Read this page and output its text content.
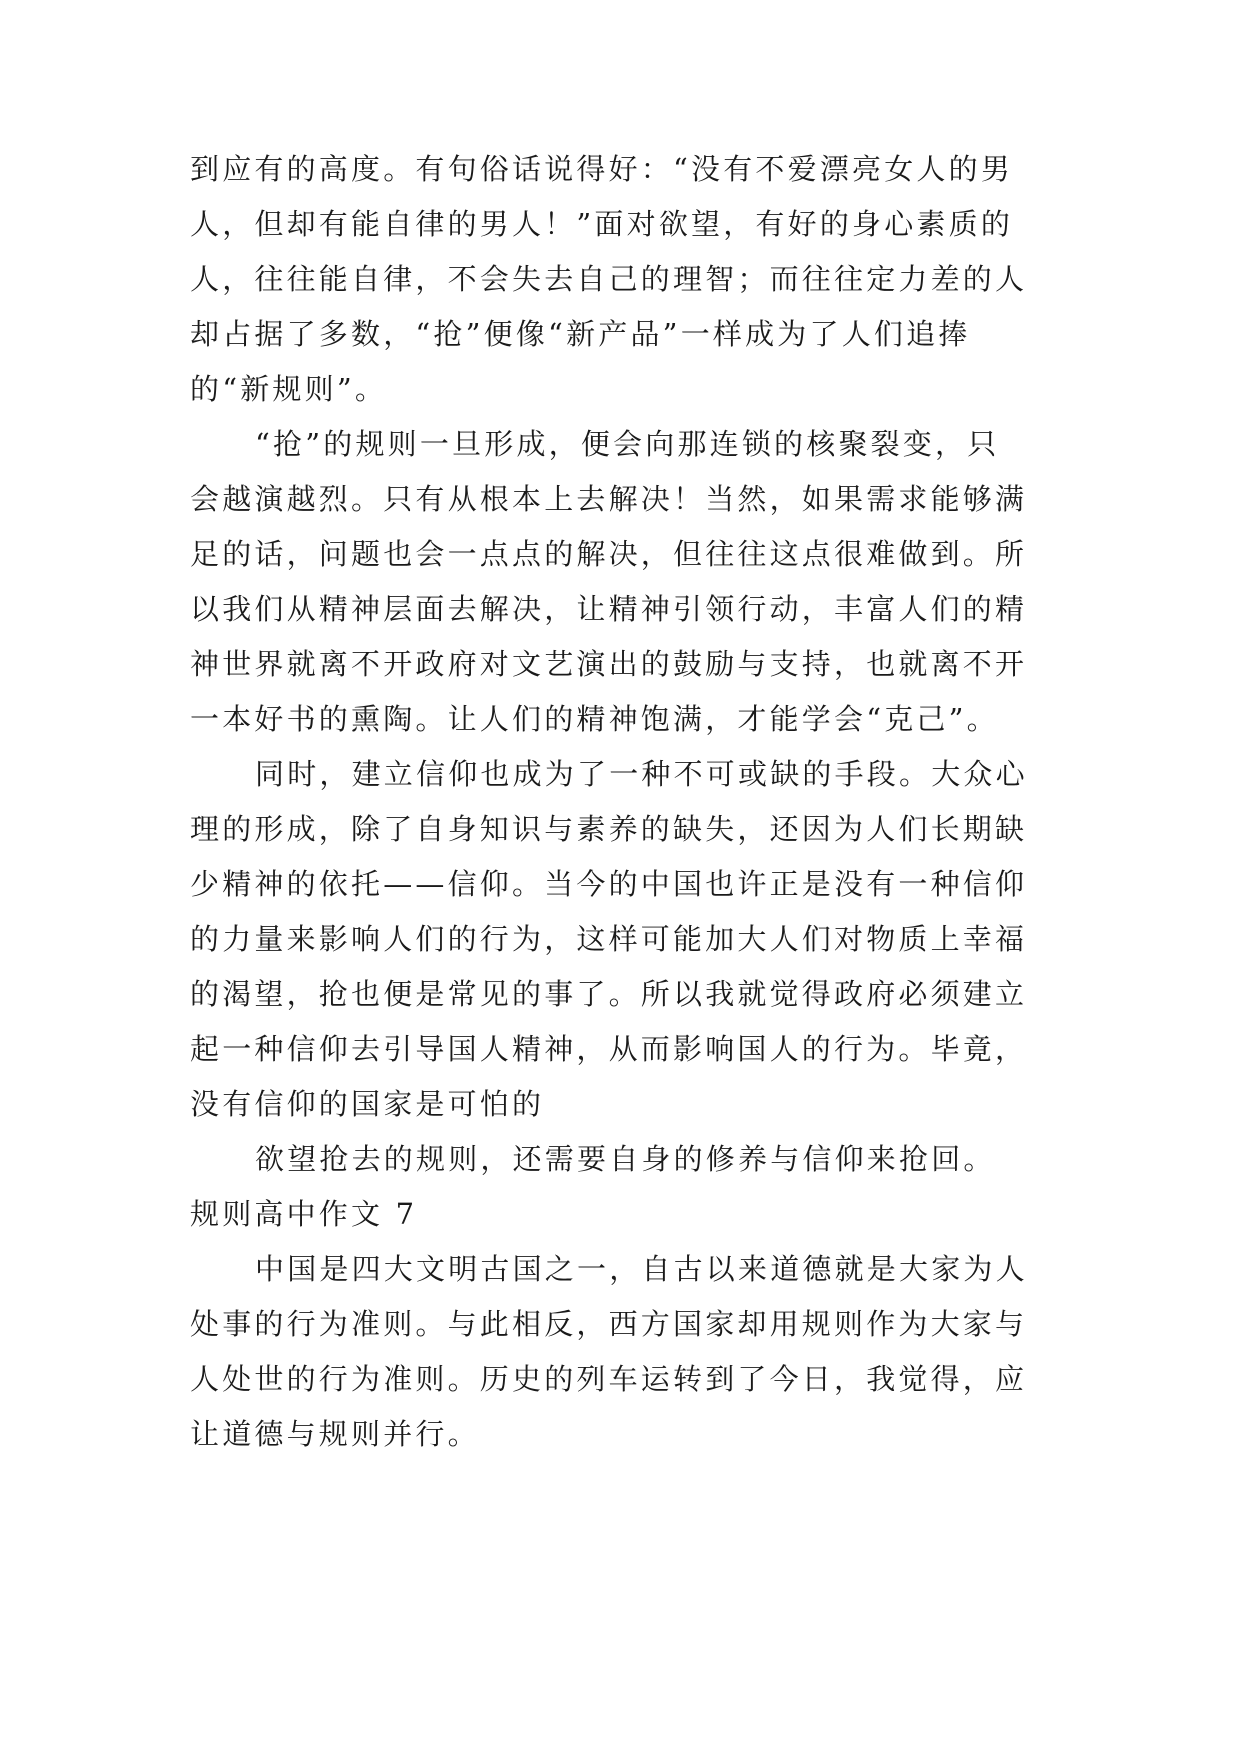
到应有的高度。有句俗话说得好：“没有不爱漂亮女人的男
人，但却有能自律的男人！”面对欲望，有好的身心素质的
人，往往能自律，不会失去自己的理智；而往往定力差的人
却占据了多数，“抢”便像“新产品”一样成为了人们追捧
的“新规则”。
“抢”的规则一旦形成，便会向那连锁的核聚裂变，只
会越演越烈。只有从根本上去解决！当然，如果需求能够满
足的话，问题也会一点点的解决，但往往这点很难做到。所
以我们从精神层面去解决，让精神引领行动，丰富人们的精
神世界就离不开政府对文艺演出的鼓励与支持，也就离不开
一本好书的熏陶。让人们的精神饱满，才能学会“克己”。
同时，建立信仰也成为了一种不可或缺的手段。大众心
理的形成，除了自身知识与素养的缺失，还因为人们长期缺
少精神的依托——信仰。当今的中国也许正是没有一种信仰
的力量来影响人们的行为，这样可能加大人们对物质上幸福
的渴望，抢也便是常见的事了。所以我就觉得政府必须建立
起一种信仰去引导国人精神，从而影响国人的行为。毕竟，
没有信仰的国家是可怕的
欲望抢去的规则，还需要自身的修养与信仰来抢回。
规则高中作文 7
中国是四大文明古国之一，自古以来道德就是大家为人
处事的行为准则。与此相反，西方国家却用规则作为大家与
人处世的行为准则。历史的列车运转到了今日，我觉得，应
让道德与规则并行。
